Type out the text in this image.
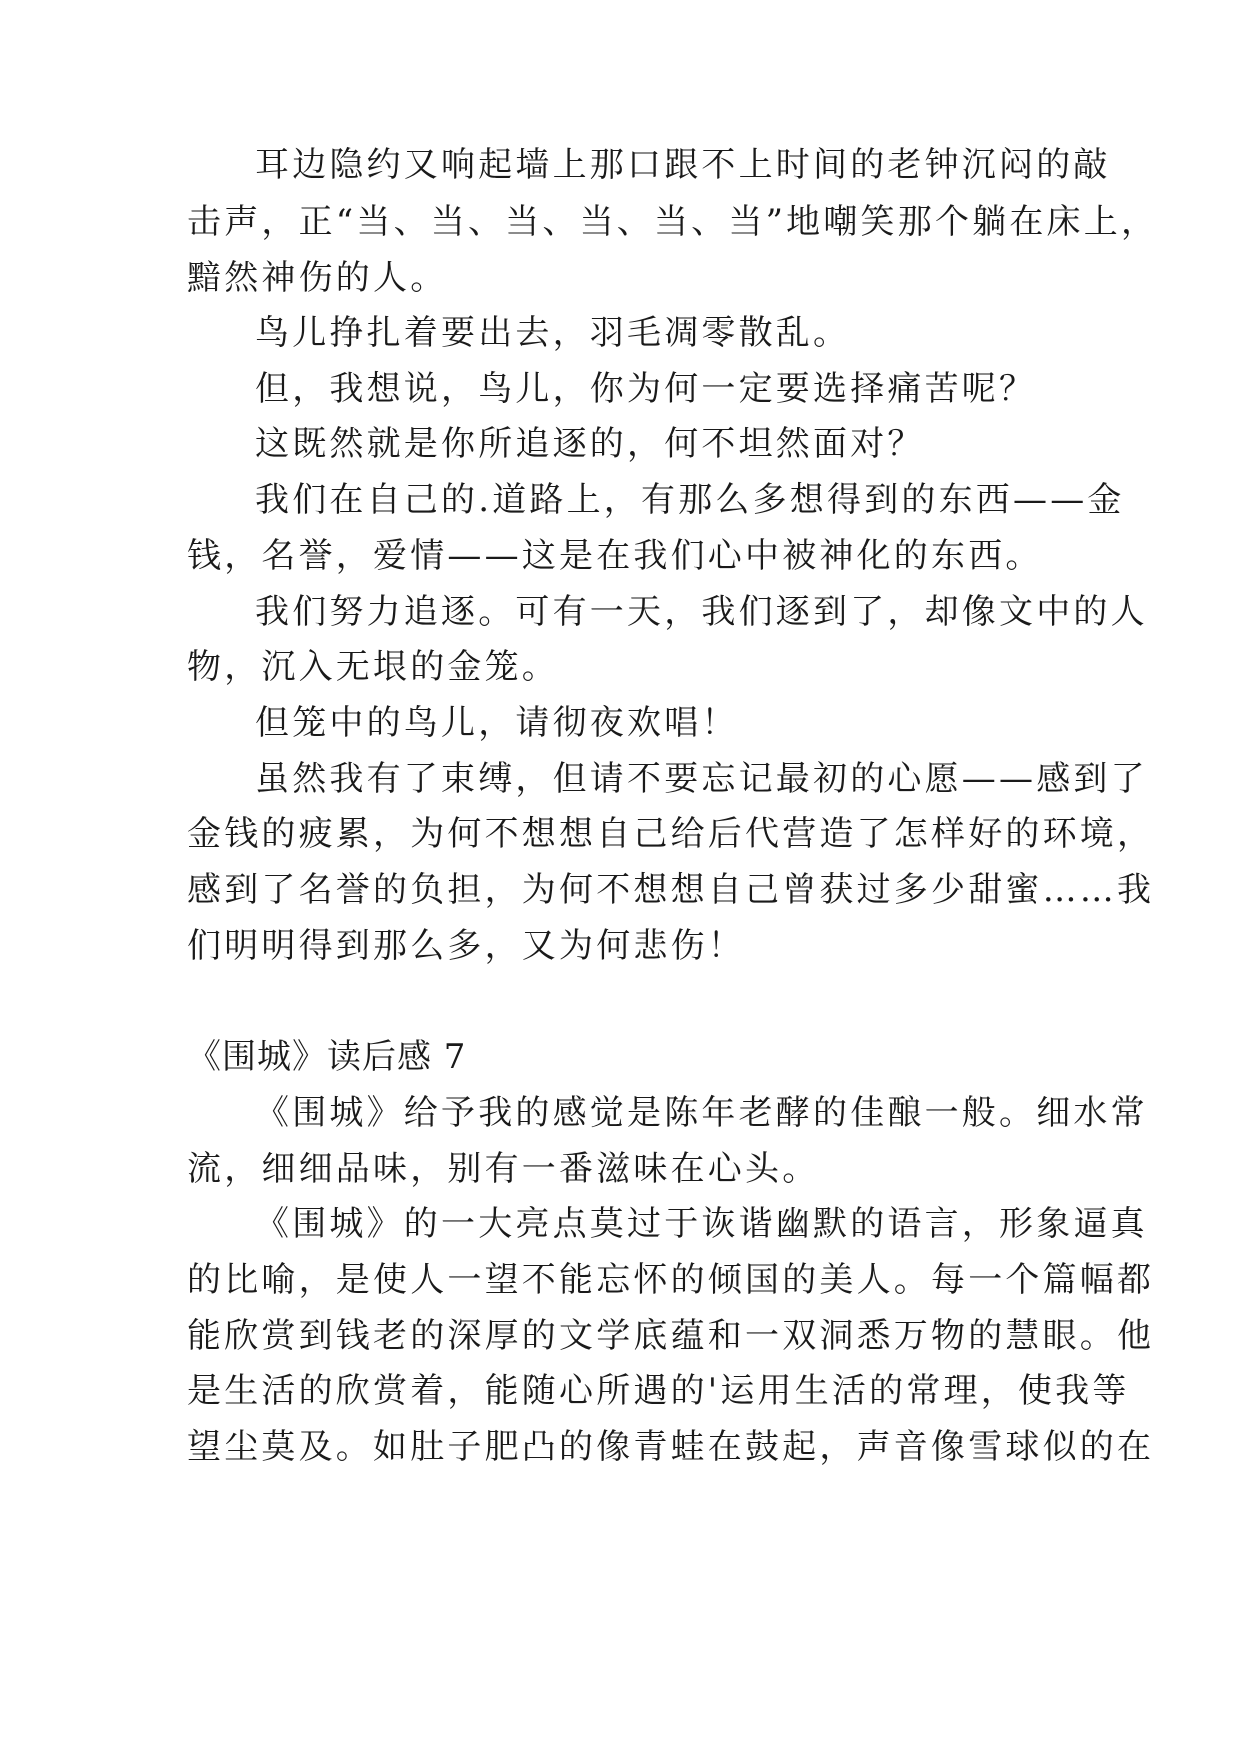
耳边隐约又响起墙上那口跟不上时间的老钟沉闷的敲
击声，正“当、当、当、当、当、当”地嘲笑那个躺在床上，
黯然神伤的人。
鸟儿挣扎着要出去，羽毛凋零散乱。
但，我想说，鸟儿，你为何一定要选择痛苦呢？
这既然就是你所追逐的，何不坦然面对？
我们在自己的.道路上，有那么多想得到的东西——金
钱，名誉，爱情——这是在我们心中被神化的东西。
我们努力追逐。可有一天，我们逐到了，却像文中的人
物，沉入无垠的金笼。
但笼中的鸟儿，请彻夜欢唱！
虽然我有了束缚，但请不要忘记最初的心愿——感到了
金钱的疲累，为何不想想自己给后代营造了怎样好的环境，
感到了名誉的负担，为何不想想自己曾获过多少甜蜜……我
们明明得到那么多，又为何悲伤！
《围城》读后感 7
《围城》给予我的感觉是陈年老酵的佳酿一般。细水常
流，细细品味，别有一番滋味在心头。
《围城》的一大亮点莫过于诙谐幽默的语言，形象逼真
的比喻，是使人一望不能忘怀的倾国的美人。每一个篇幅都
能欣赏到钱老的深厚的文学底蕴和一双洞悉万物的慧眼。他
是生活的欣赏着，能随心所遇的'运用生活的常理，使我等
望尘莫及。如肚子肥凸的像青蛙在鼓起，声音像雪球似的在
